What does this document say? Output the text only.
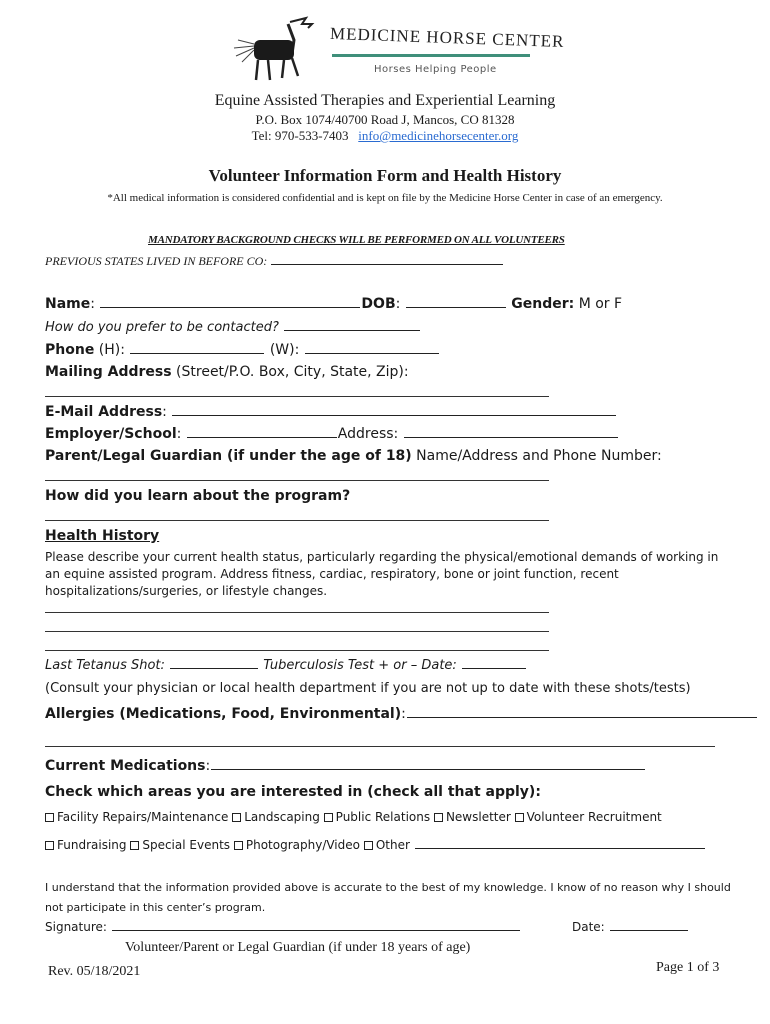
MEDICINE HORSE CENTER
Horses Helping People
Equine Assisted Therapies and Experiential Learning
P.O. Box 1074/40700 Road J, Mancos, CO 81328
Tel: 970-533-7403 info@medicinehorsecenter.org
Volunteer Information Form and Health History
*All medical information is considered confidential and is kept on file by the Medicine Horse Center in case of an emergency.
MANDATORY BACKGROUND CHECKS WILL BE PERFORMED ON ALL VOLUNTEERS
PREVIOUS STATES LIVED IN BEFORE CO:
Name:	DOB:	Gender: M or F
How do you prefer to be contacted?
Phone (H):	(W):
Mailing Address (Street/P.O. Box, City, State, Zip):
E-Mail Address:
Employer/School:	Address:
Parent/Legal Guardian (if under the age of 18) Name/Address and Phone Number:
How did you learn about the program?
Health History
Please describe your current health status, particularly regarding the physical/emotional demands of working in
an equine assisted program. Address fitness, cardiac, respiratory, bone or joint function, recent
hospitalizations/surgeries, or lifestyle changes.
Last Tetanus Shot:	Tuberculosis Test + or – Date:
(Consult your physician or local health department if you are not up to date with these shots/tests)
Allergies (Medications, Food, Environmental):
Current Medications:
Check which areas you are interested in (check all that apply):
Facility Repairs/Maintenance Landscaping Public Relations Newsletter Volunteer Recruitment
Fundraising Special Events Photography/Video Other
I understand that the information provided above is accurate to the best of my knowledge. I know of no reason why I should
not participate in this center’s program.
Signature:	Date:
Volunteer/Parent or Legal Guardian (if under 18 years of age)
Rev. 05/18/2021	Page 1 of 3
